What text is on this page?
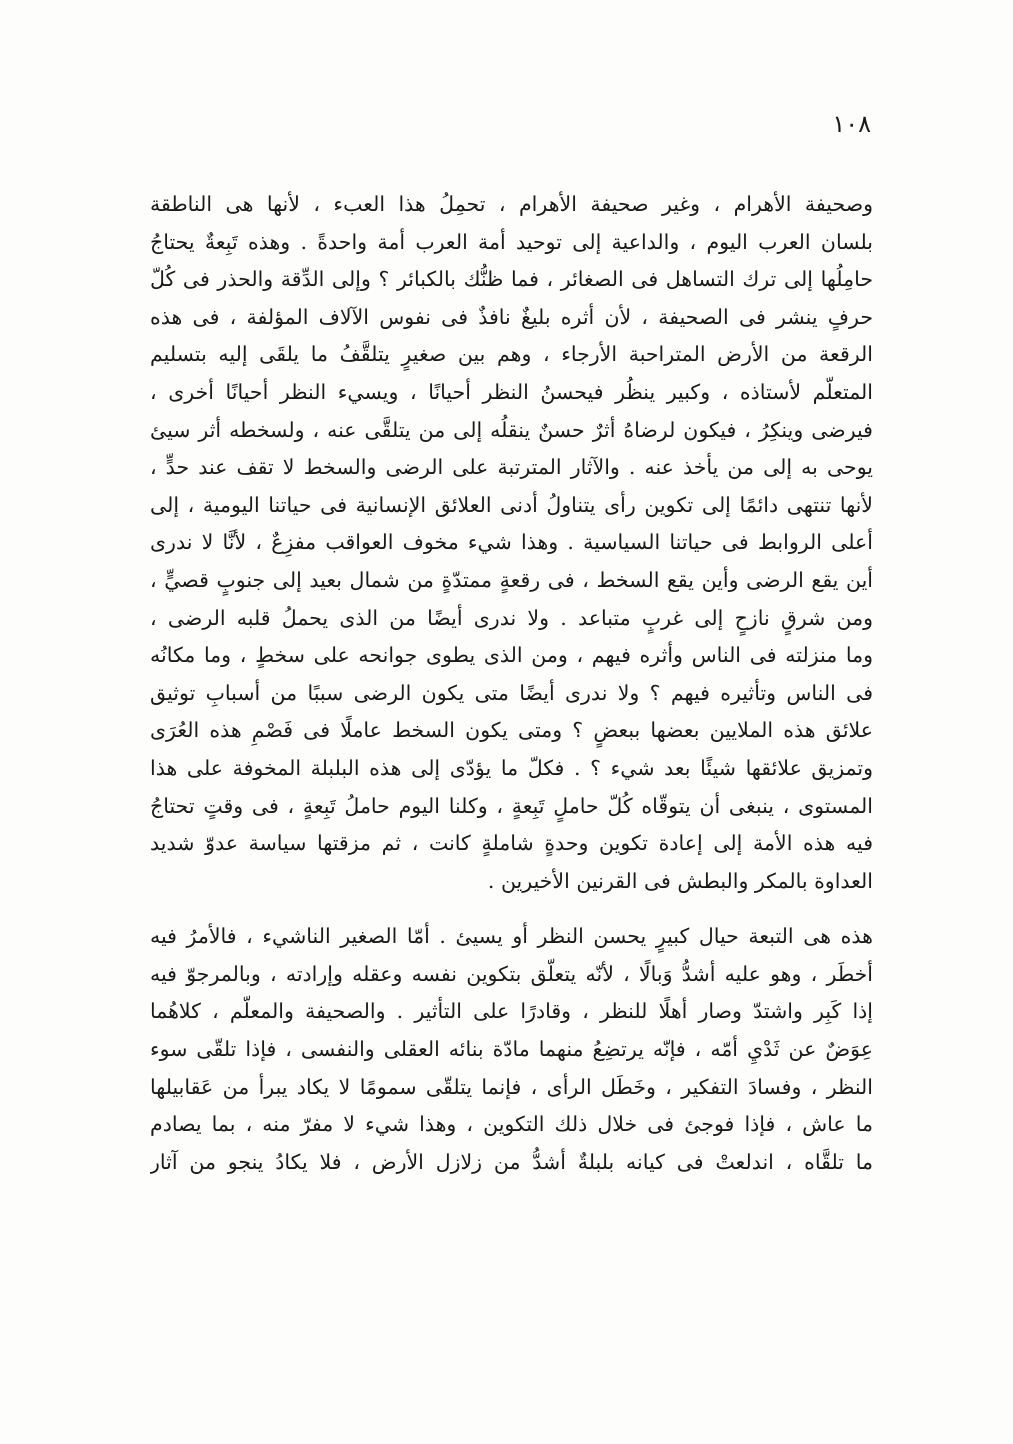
١٠٨
وصحيفة الأهرام ، وغير صحيفة الأهرام ، تحمِلُ هذا العبء ، لأنها هى الناطقة
بلسان العرب اليوم ، والداعية إلى توحيد أمة العرب أمة واحدةً . وهذه تَبِعةٌ يحتاجُ
حامِلُها إلى ترك التساهل فى الصغائر ، فما ظنُّك بالكبائر ؟ وإلى الدِّقة والحذر فى كُلّ
حرفٍ ينشر فى الصحيفة ، لأن أثره بليغٌ نافذٌ فى نفوس الآلاف المؤلفة ، فى هذه
الرقعة من الأرض المتراحبة الأرجاء ، وهم بين صغيرٍ يتلقَّفُ ما يلقَى إليه بتسليم
المتعلّم لأستاذه ، وكبير ينظُر فيحسنُ النظر أحيانًا ، ويسيء النظر أحيانًا أخرى ،
فيرضى وينكِرُ ، فيكون لرضاهُ أثرٌ حسنٌ ينقلُه إلى من يتلقَّى عنه ، ولسخطه أثر سيئ
يوحى به إلى من يأخذ عنه . والآثار المترتبة على الرضى والسخط لا تقف عند حدٍّ ،
لأنها تنتهى دائمًا إلى تكوين رأى يتناولُ أدنى العلائق الإنسانية فى حياتنا اليومية ، إلى
أعلى الروابط فى حياتنا السياسية . وهذا شيء مخوف العواقب مفزِعٌ ، لأنَّا لا ندرى
أين يقع الرضى وأين يقع السخط ، فى رقعةٍ ممتدّةٍ من شمال بعيد إلى جنوبٍ قصيٍّ ،
ومن شرقٍ نازحٍ إلى غربٍ متباعد . ولا ندرى أيضًا من الذى يحملُ قلبه الرضى ،
وما منزلته فى الناس وأثره فيهم ، ومن الذى يطوى جوانحه على سخطٍ ، وما مكانُه
فى الناس وتأثيره فيهم ؟ ولا ندرى أيضًا متى يكون الرضى سببًا من أسبابِ توثيق
علائق هذه الملايين بعضها ببعضٍ ؟ ومتى يكون السخط عاملًا فى فَصْمِ هذه العُرَى
وتمزيق علائقها شيئًا بعد شيء ؟ . فكلّ ما يؤدّى إلى هذه البلبلة المخوفة على هذا
المستوى ، ينبغى أن يتوقّاه كُلّ حاملٍ تَبِعةٍ ، وكلنا اليوم حاملُ تَبِعةٍ ، فى وقتٍ تحتاجُ
فيه هذه الأمة إلى إعادة تكوين وحدةٍ شاملةٍ كانت ، ثم مزقتها سياسة عدوّ شديد
العداوة بالمكر والبطش فى القرنين الأخيرين .
هذه هى التبعة حيال كبيرٍ يحسن النظر أو يسيئ . أمّا الصغير الناشيء ، فالأمرُ فيه
أخطَر ، وهو عليه أشدُّ وَبالًا ، لأنّه يتعلّق بتكوين نفسه وعقله وإرادته ، وبالمرجوّ فيه
إذا كَبِر واشتدّ وصار أهلًا للنظر ، وقادرًا على التأثير . والصحيفة والمعلّم ، كلاهُما
عِوَضٌ عن ثَدْيِ أمّه ، فإنّه يرتضِعُ منهما مادّة بنائه العقلى والنفسى ، فإذا تلقّى سوء
النظر ، وفسادَ التفكير ، وخَطَل الرأى ، فإنما يتلقّى سمومًا لا يكاد يبرأ من عَقابيلها
ما عاش ، فإذا فوجئ فى خلال ذلك التكوين ، وهذا شيء لا مفرّ منه ، بما يصادم
ما تلقَّاه ، اندلعتْ فى كيانه بلبلةٌ أشدُّ من زلازل الأرض ، فلا يكادُ ينجو من آثار
